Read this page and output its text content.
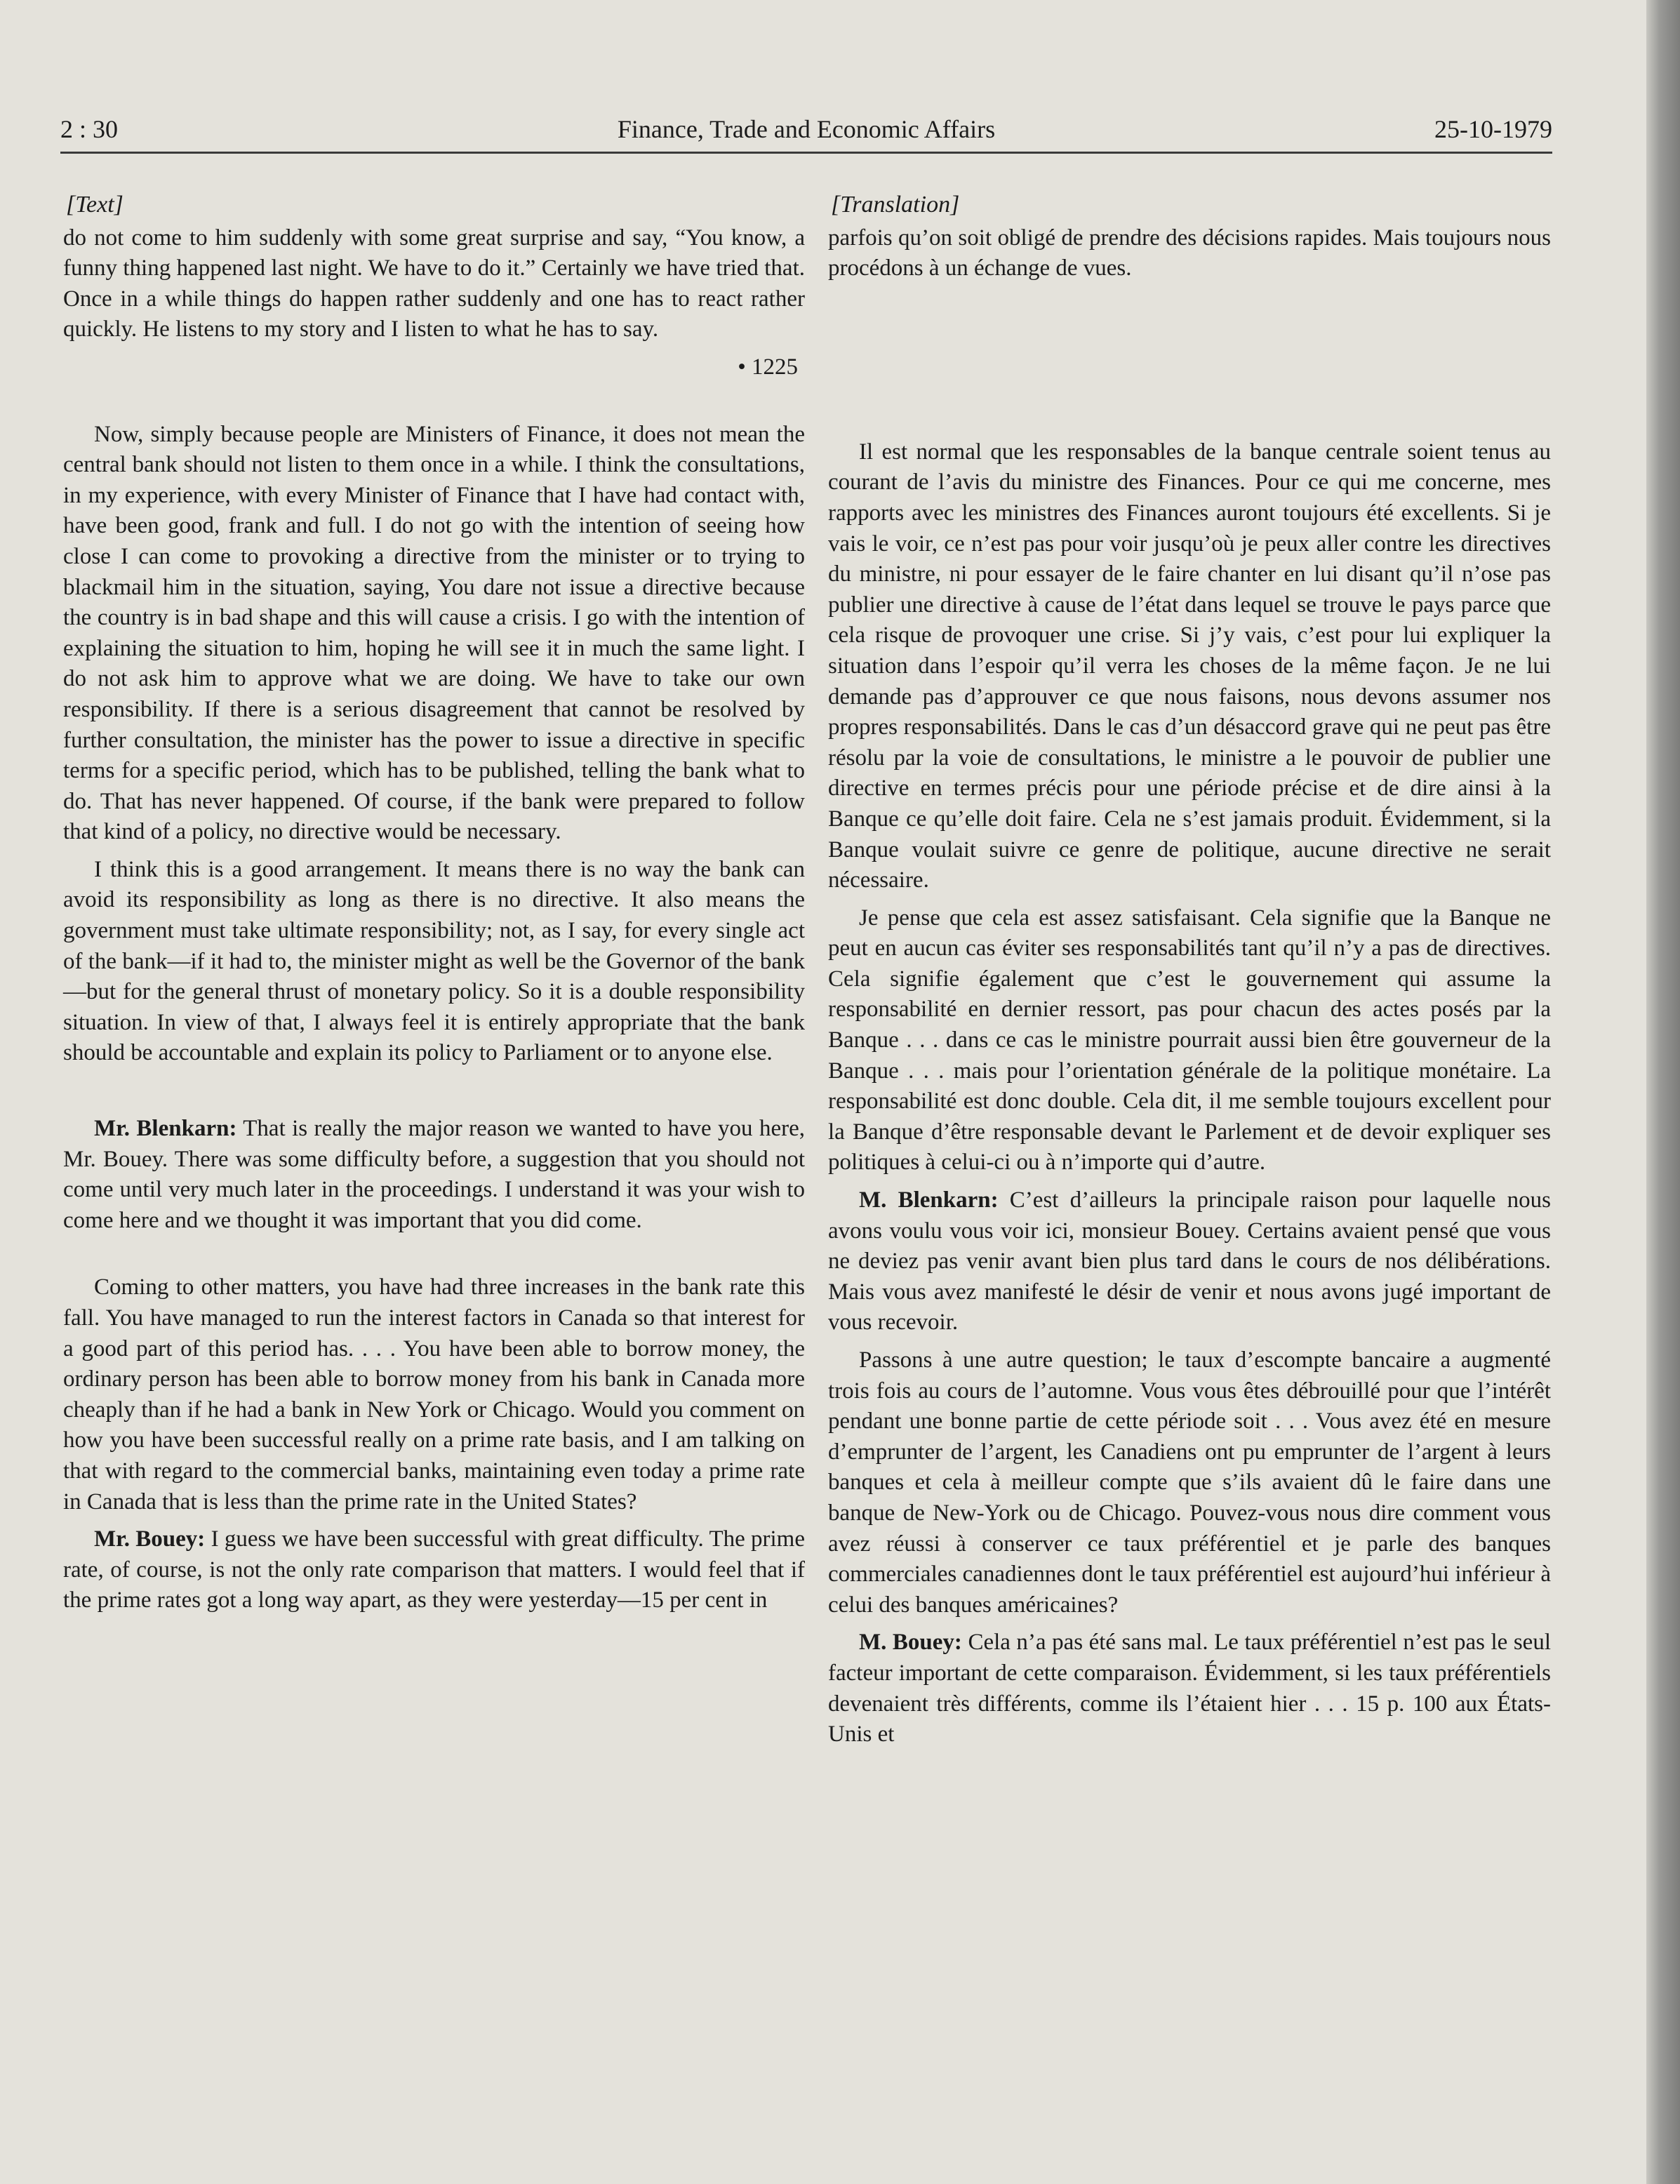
2 : 30	Finance, Trade and Economic Affairs	25-10-1979
[Text]

do not come to him suddenly with some great surprise and say, “You know, a funny thing happened last night. We have to do it.” Certainly we have tried that. Once in a while things do happen rather suddenly and one has to react rather quickly. He listens to my story and I listen to what he has to say.

• 1225

Now, simply because people are Ministers of Finance, it does not mean the central bank should not listen to them once in a while. I think the consultations, in my experience, with every Minister of Finance that I have had contact with, have been good, frank and full. I do not go with the intention of seeing how close I can come to provoking a directive from the minister or to trying to blackmail him in the situation, saying, You dare not issue a directive because the country is in bad shape and this will cause a crisis. I go with the intention of explaining the situation to him, hoping he will see it in much the same light. I do not ask him to approve what we are doing. We have to take our own responsibility. If there is a serious disagreement that cannot be resolved by further consultation, the minister has the power to issue a directive in specific terms for a specific period, which has to be published, telling the bank what to do. That has never happened. Of course, if the bank were prepared to follow that kind of a policy, no directive would be necessary.

I think this is a good arrangement. It means there is no way the bank can avoid its responsibility as long as there is no directive. It also means the government must take ultimate responsibility; not, as I say, for every single act of the bank—if it had to, the minister might as well be the Governor of the bank—but for the general thrust of monetary policy. So it is a double responsibility situation. In view of that, I always feel it is entirely appropriate that the bank should be accountable and explain its policy to Parliament or to anyone else.

Mr. Blenkarn: That is really the major reason we wanted to have you here, Mr. Bouey. There was some difficulty before, a suggestion that you should not come until very much later in the proceedings. I understand it was your wish to come here and we thought it was important that you did come.

Coming to other matters, you have had three increases in the bank rate this fall. You have managed to run the interest factors in Canada so that interest for a good part of this period has. . . . You have been able to borrow money, the ordinary person has been able to borrow money from his bank in Canada more cheaply than if he had a bank in New York or Chicago. Would you comment on how you have been successful really on a prime rate basis, and I am talking on that with regard to the commercial banks, maintaining even today a prime rate in Canada that is less than the prime rate in the United States?

Mr. Bouey: I guess we have been successful with great difficulty. The prime rate, of course, is not the only rate comparison that matters. I would feel that if the prime rates got a long way apart, as they were yesterday—15 per cent in

[Translation]

parfois qu’on soit obligé de prendre des décisions rapides. Mais toujours nous procédons à un échange de vues.

Il est normal que les responsables de la banque centrale soient tenus au courant de l’avis du ministre des Finances. Pour ce qui me concerne, mes rapports avec les ministres des Finances auront toujours été excellents. Si je vais le voir, ce n’est pas pour voir jusqu’où je peux aller contre les directives du ministre, ni pour essayer de le faire chanter en lui disant qu’il n’ose pas publier une directive à cause de l’état dans lequel se trouve le pays parce que cela risque de provoquer une crise. Si j’y vais, c’est pour lui expliquer la situation dans l’espoir qu’il verra les choses de la même façon. Je ne lui demande pas d’approuver ce que nous faisons, nous devons assumer nos propres responsabilités. Dans le cas d’un désaccord grave qui ne peut pas être résolu par la voie de consultations, le ministre a le pouvoir de publier une directive en termes précis pour une période précise et de dire ainsi à la Banque ce qu’elle doit faire. Cela ne s’est jamais produit. Évidemment, si la Banque voulait suivre ce genre de politique, aucune directive ne serait nécessaire.

Je pense que cela est assez satisfaisant. Cela signifie que la Banque ne peut en aucun cas éviter ses responsabilités tant qu’il n’y a pas de directives. Cela signifie également que c’est le gouvernement qui assume la responsabilité en dernier ressort, pas pour chacun des actes posés par la Banque . . . dans ce cas le ministre pourrait aussi bien être gouverneur de la Banque . . . mais pour l’orientation générale de la politique monétaire. La responsabilité est donc double. Cela dit, il me semble toujours excellent pour la Banque d’être responsable devant le Parlement et de devoir expliquer ses politiques à celui-ci ou à n’importe qui d’autre.

M. Blenkarn: C’est d’ailleurs la principale raison pour laquelle nous avons voulu vous voir ici, monsieur Bouey. Certains avaient pensé que vous ne deviez pas venir avant bien plus tard dans le cours de nos délibérations. Mais vous avez manifesté le désir de venir et nous avons jugé important de vous recevoir.

Passons à une autre question; le taux d’escompte bancaire a augmenté trois fois au cours de l’automne. Vous vous êtes débrouillé pour que l’intérêt pendant une bonne partie de cette période soit . . . Vous avez été en mesure d’emprunter de l’argent, les Canadiens ont pu emprunter de l’argent à leurs banques et cela à meilleur compte que s’ils avaient dû le faire dans une banque de New-York ou de Chicago. Pouvez-vous nous dire comment vous avez réussi à conserver ce taux préférentiel et je parle des banques commerciales canadiennes dont le taux préférentiel est aujourd’hui inférieur à celui des banques américaines?

M. Bouey: Cela n’a pas été sans mal. Le taux préférentiel n’est pas le seul facteur important de cette comparaison. Évidemment, si les taux préférentiels devenaient très différents, comme ils l’étaient hier . . . 15 p. 100 aux États-Unis et
